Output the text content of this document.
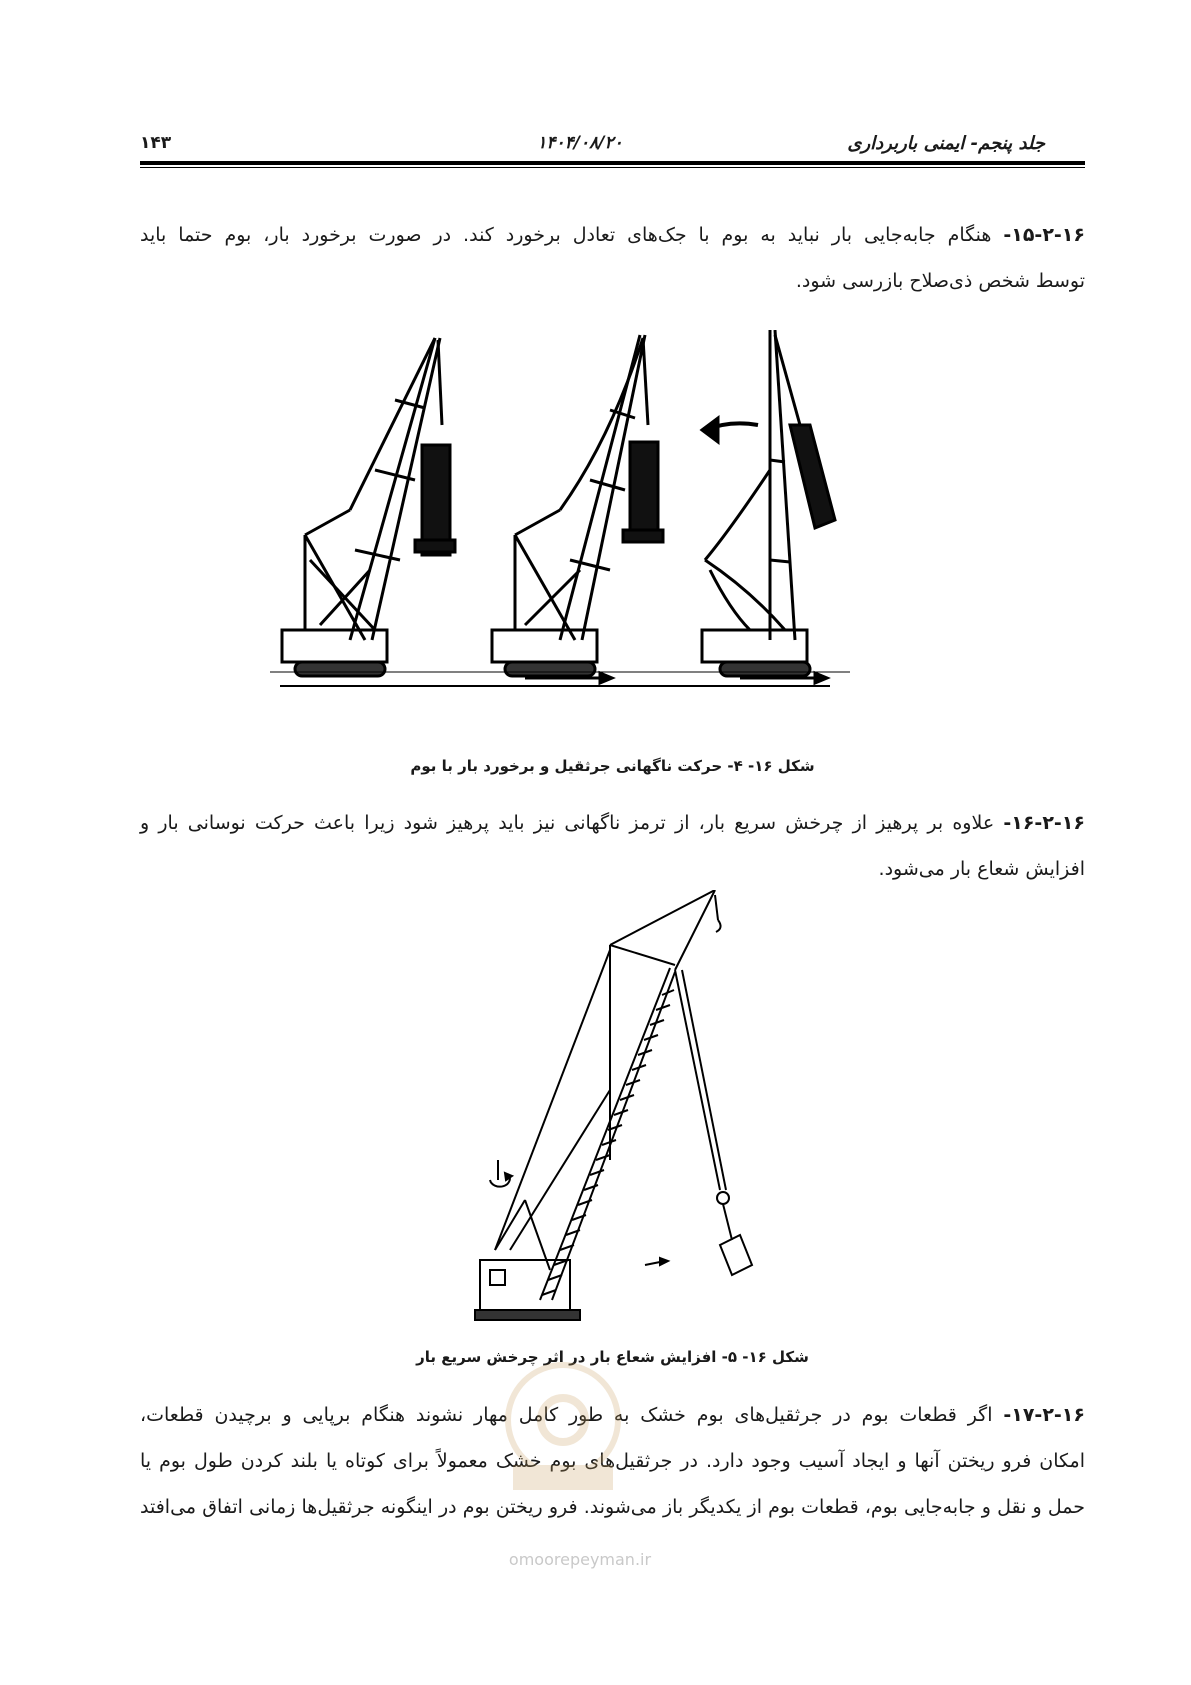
جلد پنجم- ایمنی باربرداری
۱۴۰۴/۰۸/۲۰
۱۴۳
۱۵-۲-۱۶- هنگام جابه‌جایی بار نباید به بوم با جک‌های تعادل برخورد کند. در صورت برخورد بار، بوم حتما باید
توسط شخص ذی‌صلاح بازرسی شود.
شکل ۱۶- ۴- حرکت ناگهانی جرثقیل و برخورد بار با بوم
۱۶-۲-۱۶- علاوه بر پرهیز از چرخش سریع بار، از ترمز ناگهانی نیز باید پرهیز شود زیرا باعث حرکت نوسانی بار و
افزایش شعاع بار می‌شود.
شکل ۱۶- ۵- افزایش شعاع بار در اثر چرخش سریع بار
۱۷-۲-۱۶- اگر قطعات بوم در جرثقیل‌های بوم خشک به طور کامل مهار نشوند هنگام برپایی و برچیدن قطعات،
امکان فرو ریختن آنها و ایجاد آسیب وجود دارد. در جرثقیل‌های بوم خشک معمولاً برای کوتاه یا بلند کردن طول بوم یا
حمل و نقل و جابه‌جایی بوم، قطعات بوم از یکدیگر باز می‌شوند. فرو ریختن بوم در اینگونه جرثقیل‌ها زمانی اتفاق می‌افتد
omoorepeyman.ir
